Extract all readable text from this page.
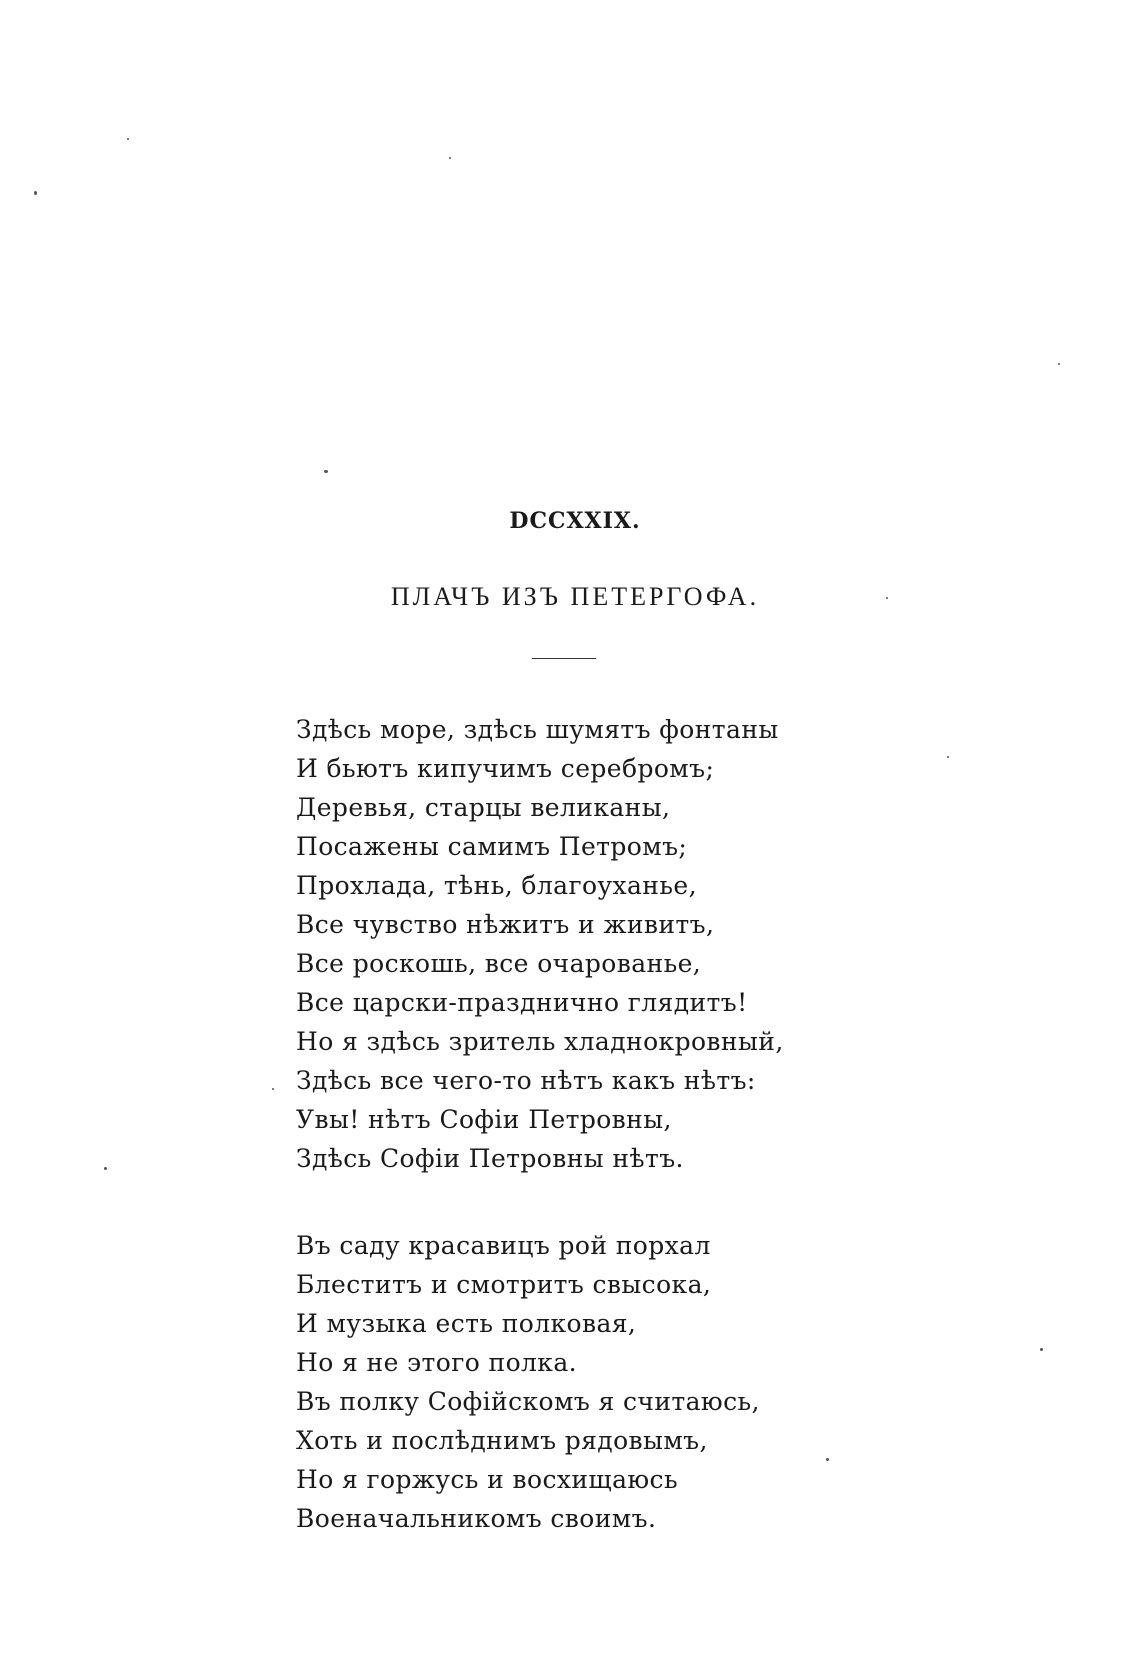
DCCXXIX.
ПЛАЧЪ ИЗЪ ПЕТЕРГОФА.
Здѣсь море, здѣсь шумятъ фонтаны
И бьютъ кипучимъ серебромъ;
Деревья, старцы великаны,
Посажены самимъ Петромъ;
Прохлада, тѣнь, благоуханье,
Все чувство нѣжитъ и живитъ,
Все роскошь, все очарованье,
Все царски-празднично глядитъ!
Но я здѣсь зритель хладнокровный,
Здѣсь все чего-то нѣтъ какъ нѣтъ:
Увы! нѣтъ Софіи Петровны,
Здѣсь Софіи Петровны нѣтъ.
Въ саду красавицъ рой порхал
Блеститъ и смотритъ свысока,
И музыка есть полковая,
Но я не этого полка.
Въ полку Софійскомъ я считаюсь,
Хоть и послѣднимъ рядовымъ,
Но я горжусь и восхищаюсь
Военачальникомъ своимъ.
